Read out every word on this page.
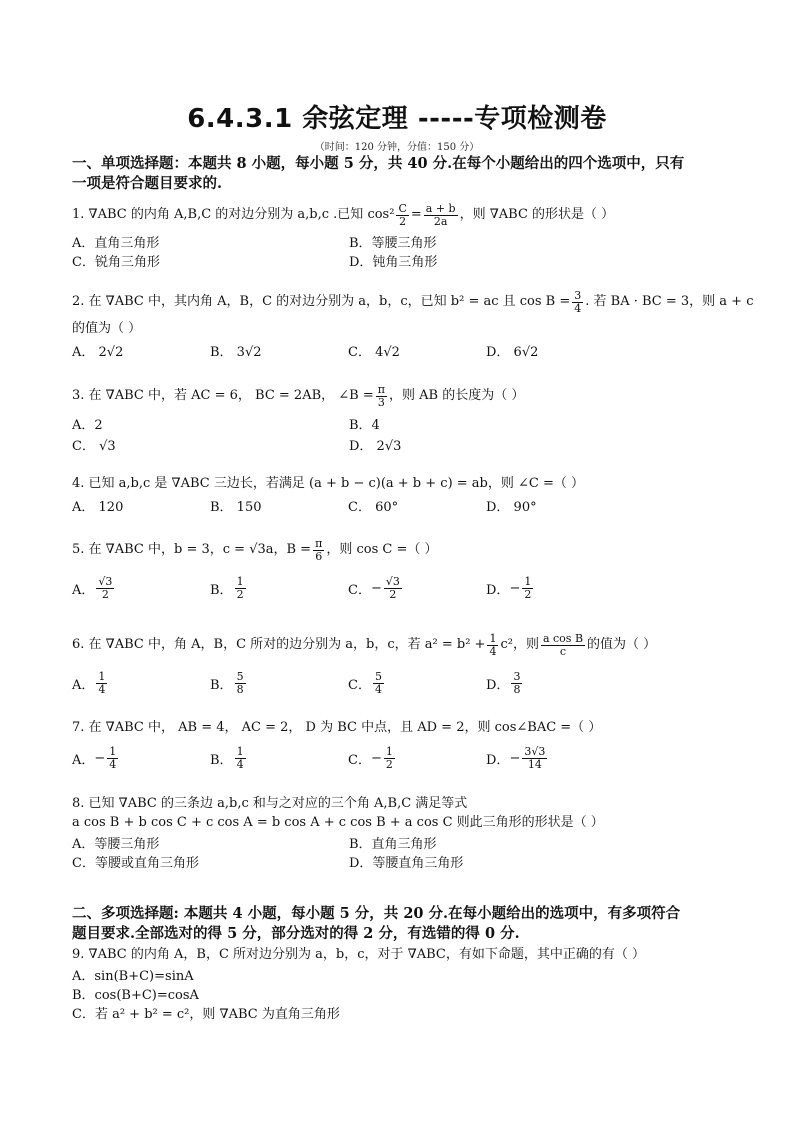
6.4.3.1 余弦定理 -----专项检测卷
（时间：120 分钟，分值：150 分）
一、单项选择题：本题共 8 小题，每小题 5 分，共 40 分.在每个小题给出的四个选项中，只有
一项是符合题目要求的.
1. ∇ABC 的内角 A,B,C 的对边分别为 a,b,c .已知 $\cos^2 \frac{C}{2} = \frac{a + b}{2a}$ ，则 ∇ABC 的形状是（ ）
A．直角三角形	B．等腰三角形
C．锐角三角形	D．钝角三角形
2. 在 ∇ABC 中，其内角 A，B，C 的对边分别为 a，b，c，已知 b² = ac 且 $\cos B = \frac{3}{4}$ . 若 BA · BC = 3，则 a + c
的值为（ ）
A． 2√2	B． 3√2	C． 4√2	D． 6√2
3. 在 ∇ABC 中，若 AC = 6， BC = 2AB， ∠B = $\frac{\pi}{3}$ ，则 AB 的长度为（ ）
A．2	B．4
C． √3	D． 2√3
4. 已知 a,b,c 是 ∇ABC 三边长，若满足 (a + b − c)(a + b + c) = ab，则 ∠C =（ ）
A． 120	B． 150	C． 60°	D． 90°
5. 在 ∇ABC 中，b = 3，c = √3a，$B = \frac{\pi}{6}$ ，则 cos C =（ ）
A． $\frac{√3}{2}$	B． $\frac{1}{2}$	C． − $\frac{√3}{2}$	D． − $\frac{1}{2}$
6. 在 ∇ABC 中，角 A，B，C 所对的边分别为 a，b，c，若 $a^2 = b^2 + \frac{1}{4} c^2$，则 $\frac{\text{a cos B}}{c}$ 的值为（ ）
A． $\frac{1}{4}$	B． $\frac{5}{8}$	C． $\frac{5}{4}$	D． $\frac{3}{8}$
7. 在 ∇ABC 中， AB = 4， AC = 2， D 为 BC 中点，且 AD = 2，则 cos∠BAC =（ ）
A． − $\frac{1}{4}$	B． $\frac{1}{4}$	C． − $\frac{1}{2}$	D． − $\frac{3√3}{14}$
8. 已知 ∇ABC 的三条边 a,b,c 和与之对应的三个角 A,B,C 满足等式
a cos B + b cos C + c cos A = b cos A + c cos B + a cos C 则此三角形的形状是（ ）
A．等腰三角形	B．直角三角形
C．等腰或直角三角形	D．等腰直角三角形
二、多项选择题: 本题共 4 小题，每小题 5 分，共 20 分.在每小题给出的选项中，有多项符合
题目要求.全部选对的得 5 分，部分选对的得 2 分，有选错的得 0 分.
9. ∇ABC 的内角 A，B，C 所对边分别为 a，b，c，对于 ∇ABC，有如下命题，其中正确的有（ ）
A．sin(B+C)=sinA
B．cos(B+C)=cosA
C．若 a² + b² = c²，则 ∇ABC 为直角三角形
